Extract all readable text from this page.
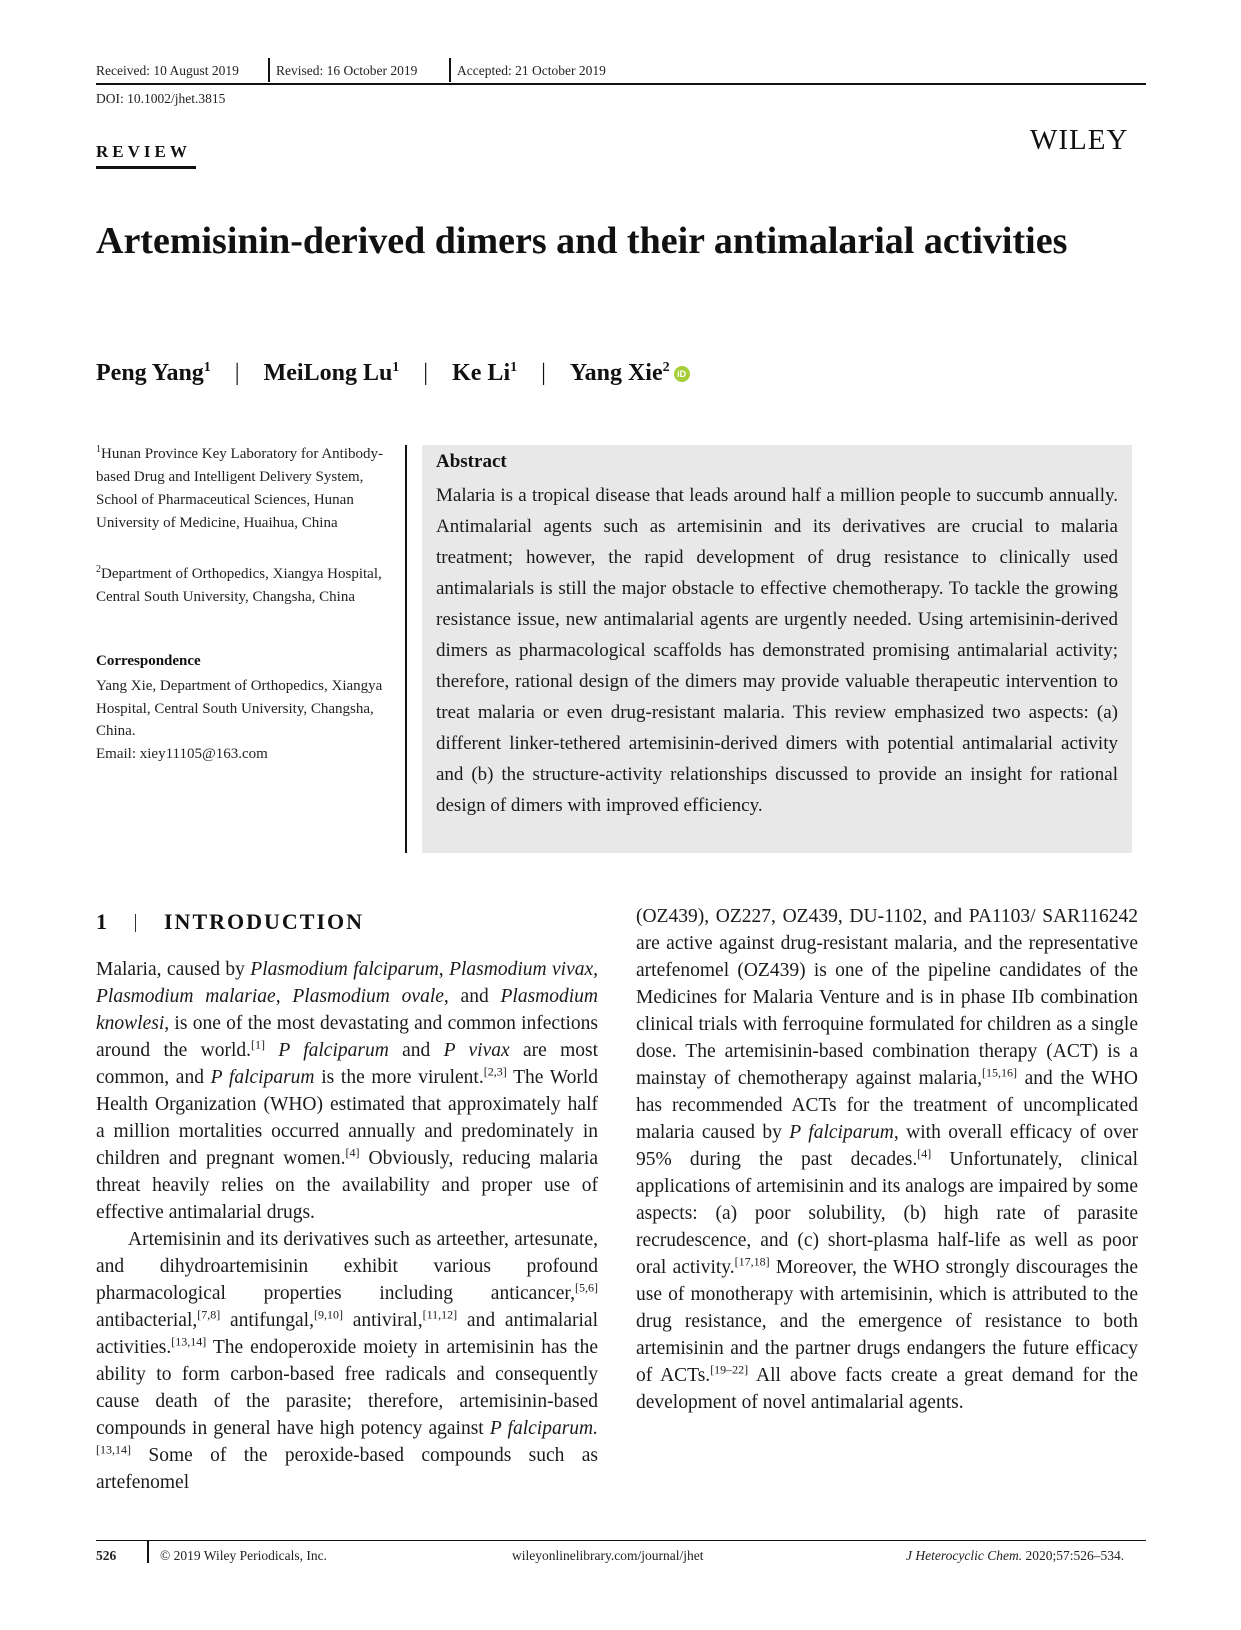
Received: 10 August 2019	Revised: 16 October 2019	Accepted: 21 October 2019
DOI: 10.1002/jhet.3815
REVIEW	WILEY
Artemisinin-derived dimers and their antimalarial activities
Peng Yang$^1$ | MeiLong Lu$^1$ | Ke Li$^1$ | Yang Xie$^2$ iD
$^1$Hunan Province Key Laboratory for Antibody-based Drug and Intelligent Delivery System, School of Pharmaceutical Sciences, Hunan University of Medicine, Huaihua, China
$^2$Department of Orthopedics, Xiangya Hospital, Central South University, Changsha, China
Correspondence
Yang Xie, Department of Orthopedics, Xiangya Hospital, Central South University, Changsha, China.
Email: xiey11105@163.com
Abstract

Malaria is a tropical disease that leads around half a million people to succumb annually. Antimalarial agents such as artemisinin and its derivatives are crucial to malaria treatment; however, the rapid development of drug resistance to clinically used antimalarials is still the major obstacle to effective chemotherapy. To tackle the growing resistance issue, new antimalarial agents are urgently needed. Using artemisinin-derived dimers as pharmacological scaffolds has demonstrated promising antimalarial activity; therefore, rational design of the dimers may provide valuable therapeutic intervention to treat malaria or even drug-resistant malaria. This review emphasized two aspects: (a) different linker-tethered artemisinin-derived dimers with potential antimalarial activity and (b) the structure-activity relationships discussed to provide an insight for rational design of dimers with improved efficiency.

1	INTRODUCTION
Malaria, caused by Plasmodium falciparum, Plasmodium vivax, Plasmodium malariae, Plasmodium ovale, and Plasmodium knowlesi, is one of the most devastating and common infections around the world.[1] P falciparum and P vivax are most common, and P falciparum is the more virulent.[2,3] The World Health Organization (WHO) estimated that approximately half a million mortalities occurred annually and predominately in children and pregnant women.[4] Obviously, reducing malaria threat heavily relies on the availability and proper use of effective antimalarial drugs.
Artemisinin and its derivatives such as arteether, artesunate, and dihydroartemisinin exhibit various profound pharmacological properties including anticancer,[5,6] antibacterial,[7,8] antifungal,[9,10] antiviral,[11,12] and antimalarial activities.[13,14] The endoperoxide moiety in artemisinin has the ability to form carbon-based free radicals and consequently cause death of the parasite; therefore, artemisinin-based compounds in general have high potency against P falciparum.[13,14] Some of the peroxide-based compounds such as artefenomel
(OZ439), OZ227, OZ439, DU-1102, and PA1103/ SAR116242 are active against drug-resistant malaria, and the representative artefenomel (OZ439) is one of the pipeline candidates of the Medicines for Malaria Venture and is in phase IIb combination clinical trials with ferroquine formulated for children as a single dose. The artemisinin-based combination therapy (ACT) is a mainstay of chemotherapy against malaria,[15,16] and the WHO has recommended ACTs for the treatment of uncomplicated malaria caused by P falciparum, with overall efficacy of over 95% during the past decades.[4] Unfortunately, clinical applications of artemisinin and its analogs are impaired by some aspects: (a) poor solubility, (b) high rate of parasite recrudescence, and (c) short-plasma half-life as well as poor oral activity.[17,18] Moreover, the WHO strongly discourages the use of monotherapy with artemisinin, which is attributed to the drug resistance, and the emergence of resistance to both artemisinin and the partner drugs endangers the future efficacy of ACTs.[19–22] All above facts create a great demand for the development of novel antimalarial agents.
526	© 2019 Wiley Periodicals, Inc.	wileyonlinelibrary.com/journal/jhet	J Heterocyclic Chem. 2020;57:526–534.
